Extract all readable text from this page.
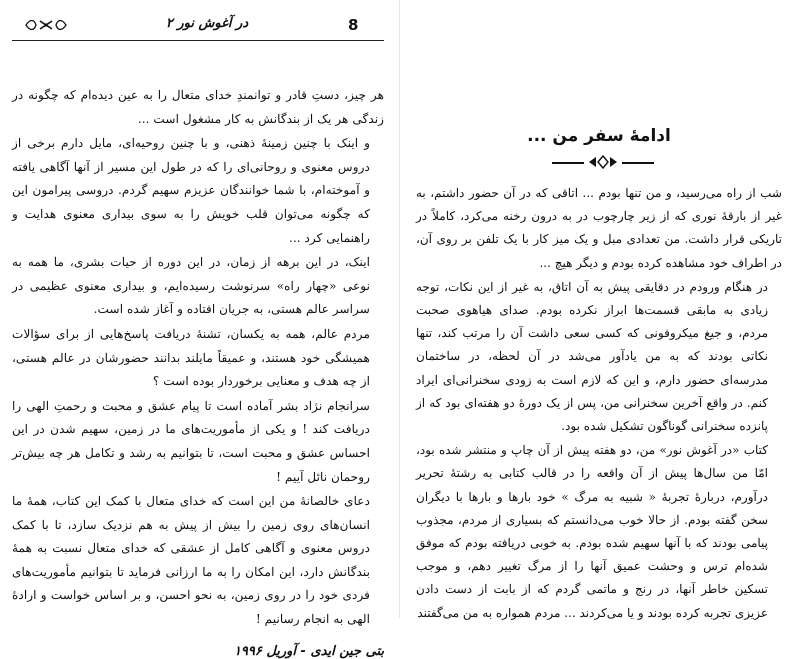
در آغوش نور ۲	8

هر چیز، دستِ قادر و توانمندِ خدای متعال را به عین دیده‌ام که چگونه در زندگی هر یک از بندگانش به کار مشغول است ...

و اینک با چنین زمینهٔ ذهنی، و با چنین روحیه‌ای، مایل دارم برخی از دروس معنوی و روحانی‌ای را که در طول این مسیر از آنها آگاهی یافته و آموخته‌ام، با شما خوانندگان عزیزم سهیم گردم. دروسی پیرامون این که چگونه می‌توان قلب خویش را به سوی بیداری معنوی هدایت و راهنمایی کرد ...

اینک، در این برهه از زمان، در این دوره از حیات بشری، ما همه به نوعی «چهار راه» سرنوشت رسیده‌ایم، و بیداری معنوی عظیمی در سراسر عالم هستی، به جریان افتاده و آغاز شده است.

مردم عالم، همه به یکسان، تشنهٔ دریافت پاسخ‌هایی از برای سؤالات همیشگی خود هستند، و عمیقاً مایلند بدانند حضورشان در عالم هستی، از چه هدف و معنایی برخوردار بوده است ؟

سرانجام نژاد بشر آماده است تا پیام عشق و محبت و رحمتِ الهی را دریافت کند ! و یکی از مأموریت‌های ما در زمین، سهیم شدن در این احساس عشق و محبت است، تا بتوانیم به رشد و تکامل هر چه بیش‌تر روحمان نائل آییم !

دعای خالصانهٔ من این است که خدای متعال با کمک این کتاب، همهٔ ما انسان‌های روی زمین را بیش از پیش به هم نزدیک سازد، تا با کمک دروس معنوی و آگاهی کامل از عشقی که خدای متعال نسبت به همهٔ بندگانش دارد، این امکان را به ما ارزانی فرماید تا بتوانیم مأموریت‌های فردی خود را در روی زمین، به نحو احسن، و بر اساس خواست و ارادهٔ الهی به انجام رسانیم !

بتی جین ایدی - آوریل ۱۹۹۶
ادامهٔ سفر من ...

شب از راه می‌رسید، و من تنها بودم ... اتاقی که در آن حضور داشتم، به غیر از بارقهٔ نوری که از زیر چارچوب در به درون رخنه می‌کرد، کاملاً در تاریکی قرار داشت. من تعدادی مبل و یک میز کار با یک تلفن بر روی آن، در اطراف خود مشاهده کرده بودم و دیگر هیچ ...

در هنگام ورودم در دقایقی پیش به آن اتاق، به غیر از این نکات، توجه زیادی به مابقی قسمت‌ها ابراز نکرده بودم. صدای هیاهوی صحبت مردم، و جیغ میکروفونی که کسی سعی داشت آن را مرتب کند، تنها نکاتی بودند که به من یادآور می‌شد در آن لحظه، در ساختمان مدرسه‌ای حضور دارم، و این که لازم است به زودی سخنرانی‌ای ایراد کنم. در واقع آخرین سخنرانی من، پس از یک دورهٔ دو هفته‌ای بود که از پانزده سخنرانی گوناگون تشکیل شده بود.

کتاب «در آغوش نور» من، دو هفته پیش از آن چاپ و منتشر شده بود، امّا من سال‌ها پیش از آن واقعه را در قالب کتابی به رشتهٔ تحریر درآورم، دربارهٔ تجربهٔ « شبیه به مرگ » خود بارها و بارها با دیگران سخن گفته بودم. از حالا خوب می‌دانستم که بسیاری از مردم، مجذوب پیامی بودند که با آنها سهیم شده بودم. به خوبی دریافته بودم که موفق شده‌ام ترس و وحشت عمیق آنها را از مرگ تغییر دهم، و موجب تسکین خاطر آنها، در رنج و ماتمی گردم که از بابت از دست دادن عزیزی تجربه کرده بودند و یا می‌کردند ... مردم همواره به من می‌گفتند
